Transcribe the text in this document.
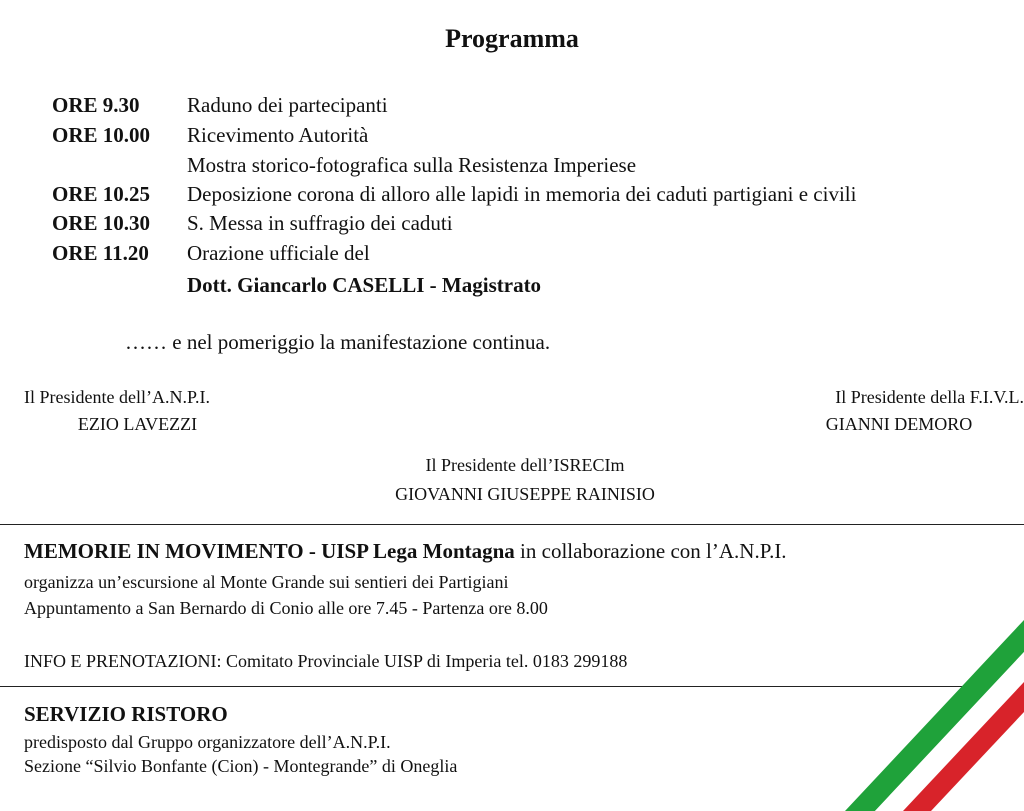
Programma
ORE 9.30 Raduno dei partecipanti
ORE 10.00 Ricevimento Autorità
Mostra storico-fotografica sulla Resistenza Imperiese
ORE 10.25 Deposizione corona di alloro alle lapidi in memoria dei caduti partigiani e civili
ORE 10.30 S. Messa in suffragio dei caduti
ORE 11.20 Orazione ufficiale del
Dott. Giancarlo CASELLI - Magistrato
…… e nel pomeriggio la manifestazione continua.
Il Presidente dell’A.N.P.I.
EZIO LAVEZZI
Il Presidente della F.I.V.L.
GIANNI DEMORO
Il Presidente dell’ISRECIm
GIOVANNI GIUSEPPE RAINISIO
MEMORIE IN MOVIMENTO - UISP Lega Montagna in collaborazione con l’A.N.P.I.
organizza un’escursione al Monte Grande sui sentieri dei Partigiani
Appuntamento a San Bernardo di Conio alle ore 7.45 - Partenza ore 8.00
INFO E PRENOTAZIONI: Comitato Provinciale UISP di Imperia tel. 0183 299188
SERVIZIO RISTORO
predisposto dal Gruppo organizzatore dell’A.N.P.I.
Sezione “Silvio Bonfante (Cion) - Montegrande” di Oneglia
